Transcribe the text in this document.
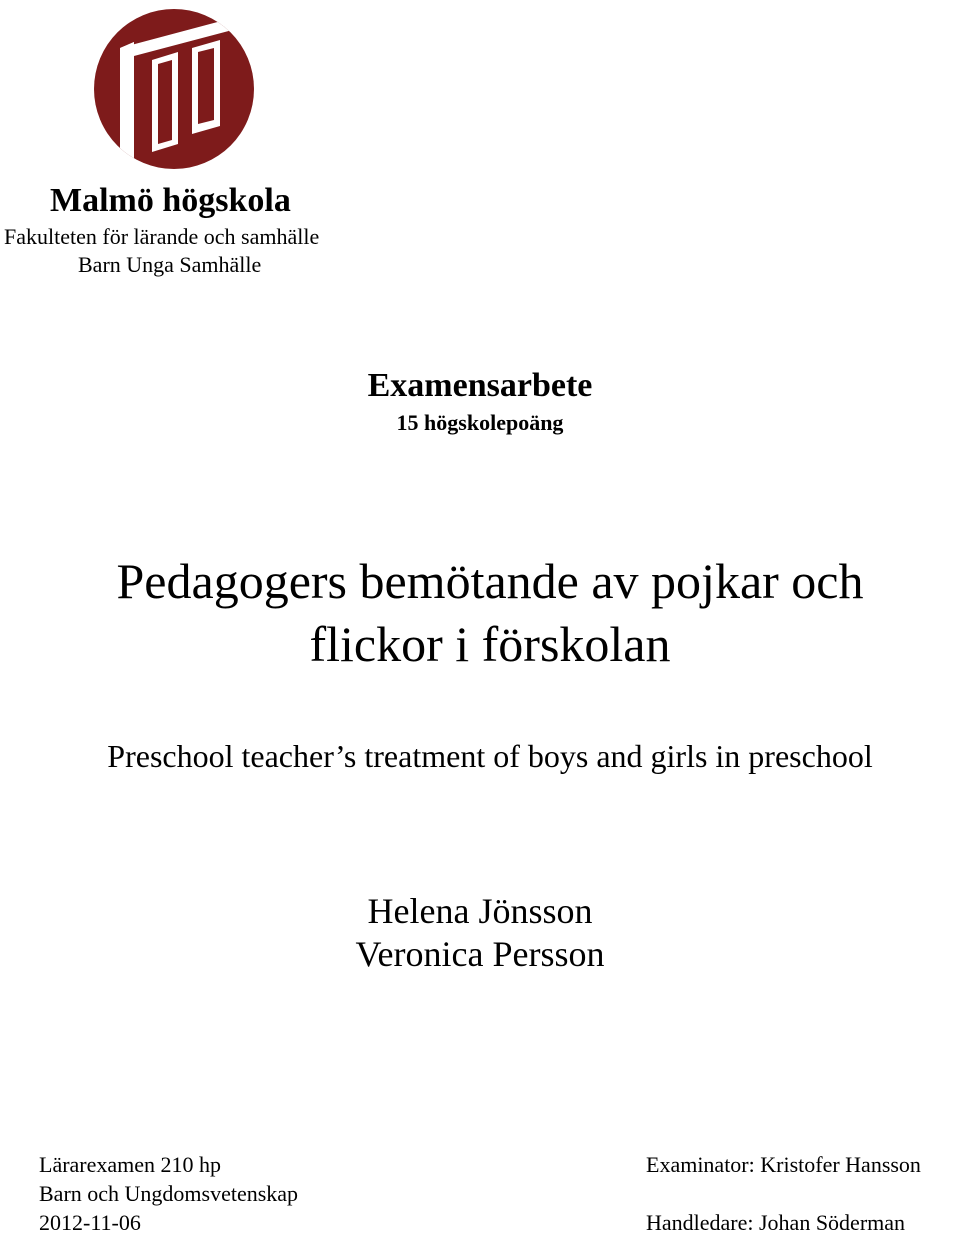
Malmö högskola
Fakulteten för lärande och samhälle
Barn Unga Samhälle
Examensarbete
15 högskolepoäng
Pedagogers bemötande av pojkar och
flickor i förskolan
Preschool teacher’s treatment of boys and girls in preschool
Helena Jönsson
Veronica Persson
Lärarexamen 210 hp
Barn och Ungdomsvetenskap
2012-11-06
Examinator: Kristofer Hansson
Handledare: Johan Söderman
